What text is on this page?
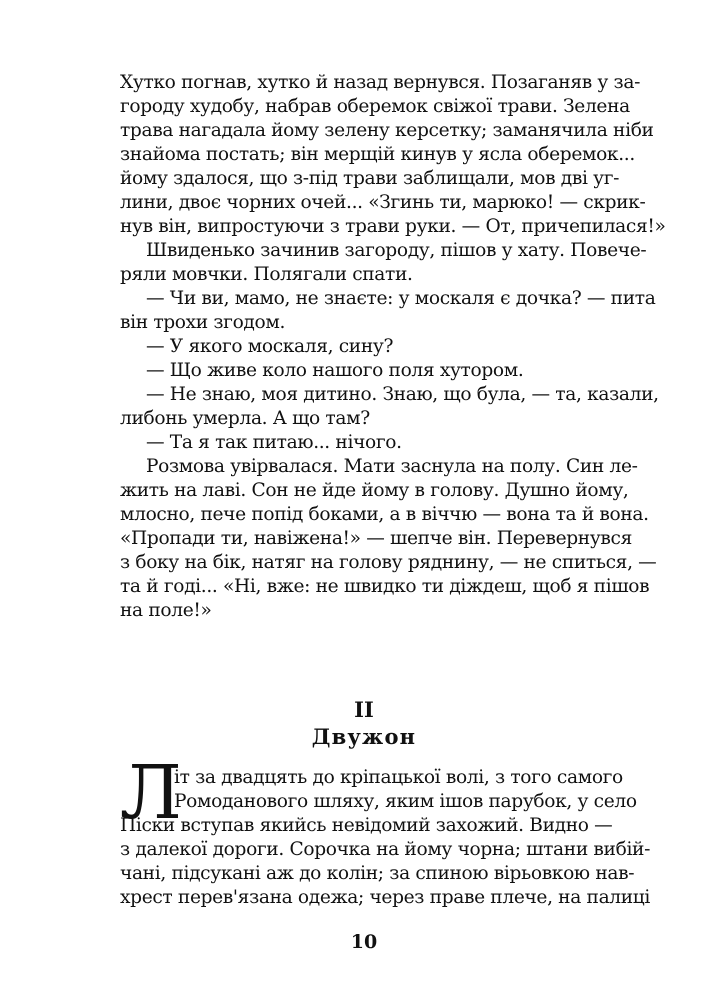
Хутко погнав, хутко й назад вернувся. Позаганяв у за-
городу худобу, набрав оберемок свіжої трави. Зелена
трава нагадала йому зелену керсетку; заманячила ніби
знайома постать; він мерщій кинув у ясла оберемок...
йому здалося, що з-під трави заблищали, мов дві уг-
лини, двоє чорних очей... «Згинь ти, марюко! — скрик-
нув він, випростуючи з трави руки. — От, причепилася!»
Швиденько зачинив загороду, пішов у хату. Повече-
ряли мовчки. Полягали спати.
— Чи ви, мамо, не знаєте: у москаля є дочка? — пита
він трохи згодом.
— У якого москаля, сину?
— Що живе коло нашого поля хутором.
— Не знаю, моя дитино. Знаю, що була, — та, казали,
либонь умерла. А що там?
— Та я так питаю... нічого.
Розмова увірвалася. Мати заснула на полу. Син ле-
жить на лаві. Сон не йде йому в голову. Душно йому,
млосно, пече попід боками, а в віччю — вона та й вона.
«Пропади ти, навіжена!» — шепче він. Перевернувся
з боку на бік, натяг на голову ряднину, — не спиться, —
та й годі... «Ні, вже: не швидко ти діждеш, щоб я пішов
на поле!»
II
Двужон
Л
іт за двадцять до кріпацької волі, з того самого
Ромоданового шляху, яким ішов парубок, у село
Піски вступав якийсь невідомий захожий. Видно —
з далекої дороги. Сорочка на йому чорна; штани вибій-
чані, підсукані аж до колін; за спиною вірьовкою нав-
хрест перев'язана одежа; через праве плече, на палиці
10
